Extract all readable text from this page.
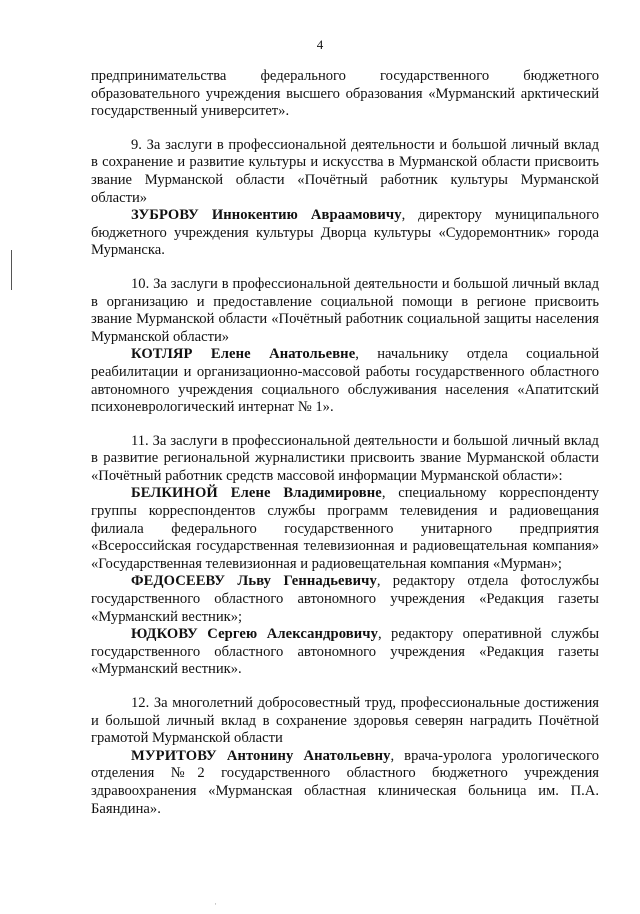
4

предпринимательства федерального государственного бюджетного образовательного учреждения высшего образования «Мурманский арктический государственный университет».

9. За заслуги в профессиональной деятельности и большой личный вклад в сохранение и развитие культуры и искусства в Мурманской области присвоить звание Мурманской области «Почётный работник культуры Мурманской области»

ЗУБРОВУ Иннокентию Авраамовичу, директору муниципального бюджетного учреждения культуры Дворца культуры «Судоремонтник» города Мурманска.

10. За заслуги в профессиональной деятельности и большой личный вклад в организацию и предоставление социальной помощи в регионе присвоить звание Мурманской области «Почётный работник социальной защиты населения Мурманской области»

КОТЛЯР Елене Анатольевне, начальнику отдела социальной реабилитации и организационно-массовой работы государственного областного автономного учреждения социального обслуживания населения «Апатитский психоневрологический интернат № 1».

11. За заслуги в профессиональной деятельности и большой личный вклад в развитие региональной журналистики присвоить звание Мурманской области «Почётный работник средств массовой информации Мурманской области»:

БЕЛКИНОЙ Елене Владимировне, специальному корреспонденту группы корреспондентов службы программ телевидения и радиовещания филиала федерального государственного унитарного предприятия «Всероссийская государственная телевизионная и радиовещательная компания» «Государственная телевизионная и радиовещательная компания «Мурман»;

ФЕДОСЕЕВУ Льву Геннадьевичу, редактору отдела фотослужбы государственного областного автономного учреждения «Редакция газеты «Мурманский вестник»;

ЮДКОВУ Сергею Александровичу, редактору оперативной службы государственного областного автономного учреждения «Редакция газеты «Мурманский вестник».

12. За многолетний добросовестный труд, профессиональные достижения и большой личный вклад в сохранение здоровья северян наградить Почётной грамотой Мурманской области

МУРИТОВУ Антонину Анатольевну, врача-уролога урологического отделения №2 государственного областного бюджетного учреждения здравоохранения «Мурманская областная клиническая больница им. П.А. Баяндина».

·
